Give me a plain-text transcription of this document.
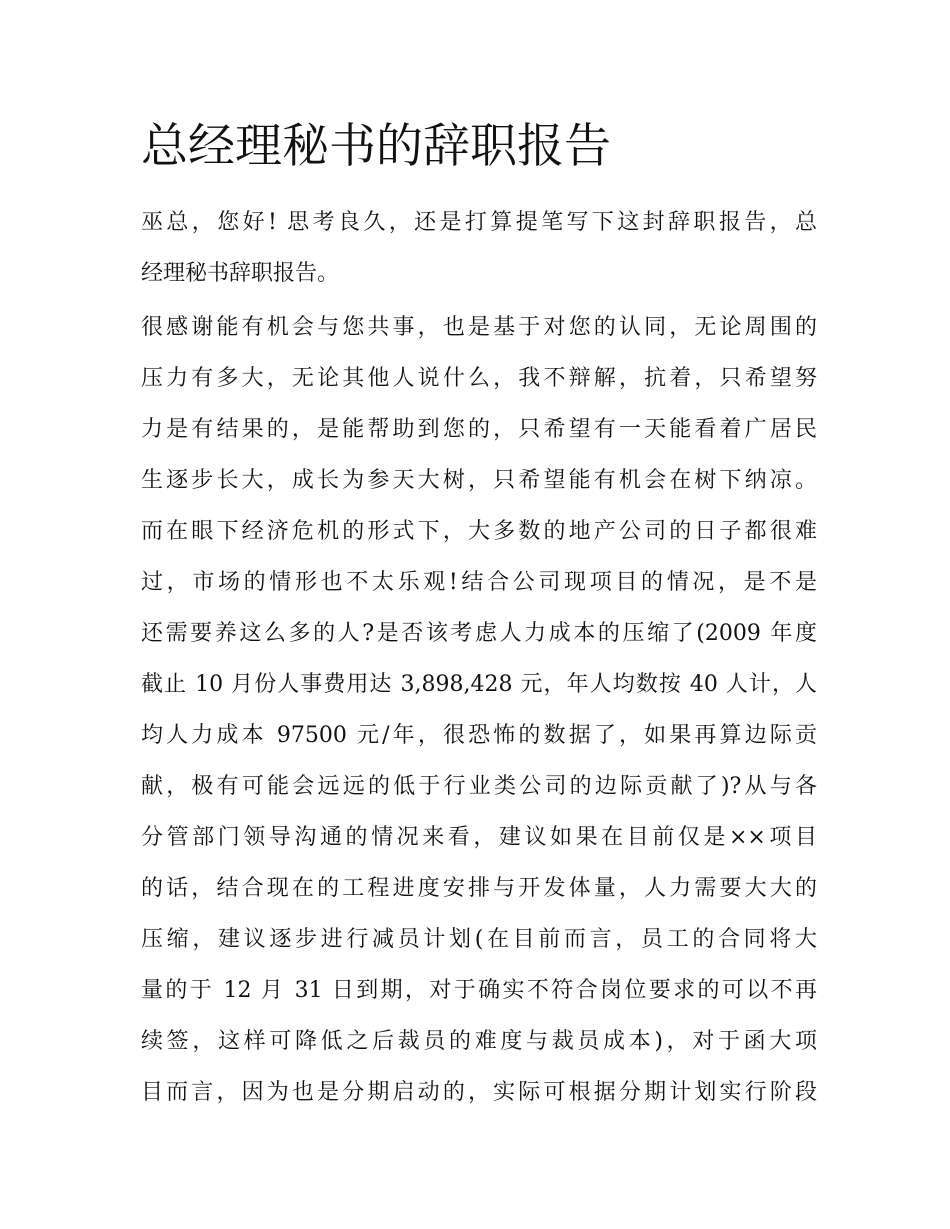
总经理秘书的辞职报告
巫总，您好! 思考良久，还是打算提笔写下这封辞职报告，总
经理秘书辞职报告。
很感谢能有机会与您共事，也是基于对您的认同，无论周围的
压力有多大，无论其他人说什么，我不辩解，抗着，只希望努
力是有结果的，是能帮助到您的，只希望有一天能看着广居民
生逐步长大，成长为参天大树，只希望能有机会在树下纳凉。
而在眼下经济危机的形式下，大多数的地产公司的日子都很难
过，市场的情形也不太乐观!结合公司现项目的情况，是不是
还需要养这么多的人?是否该考虑人力成本的压缩了(2009 年度
截止 10 月份人事费用达 3,898,428 元，年人均数按 40 人计，人
均人力成本 97500 元/年，很恐怖的数据了，如果再算边际贡
献，极有可能会远远的低于行业类公司的边际贡献了)?从与各
分管部门领导沟通的情况来看，建议如果在目前仅是××项目
的话，结合现在的工程进度安排与开发体量，人力需要大大的
压缩，建议逐步进行减员计划(在目前而言，员工的合同将大
量的于 12 月 31 日到期，对于确实不符合岗位要求的可以不再
续签，这样可降低之后裁员的难度与裁员成本)，对于函大项
目而言，因为也是分期启动的，实际可根据分期计划实行阶段
